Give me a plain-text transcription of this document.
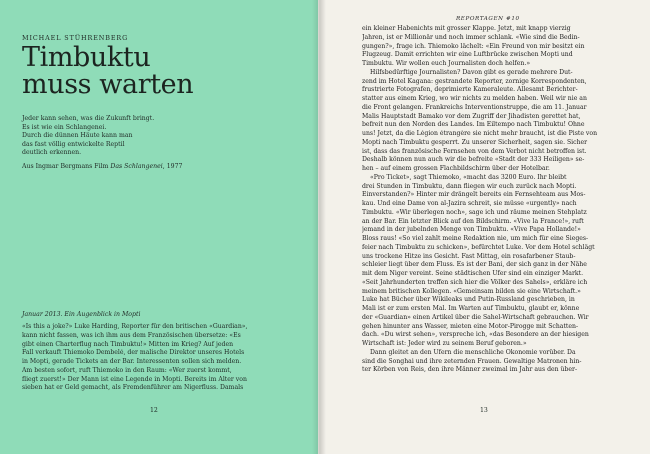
MICHAEL STÜHRENBERG
Timbuktu
muss warten
Jeder kann sehen, was die Zukunft bringt.
Es ist wie ein Schlangenei.
Durch die dünnen Häute kann man
das fast völlig entwickelte Reptil
deutlich erkennen.
Aus Ingmar Bergmans Film Das Schlangenei, 1977
Januar 2013. Ein Augenblick in Mopti
«Is this a joke?» Luke Harding, Reporter für den britischen «Guardian»,
kann nicht fassen, was ich ihm aus dem Französischen übersetze: «Es
gibt einen Charterflug nach Timbuktu!» Mitten im Krieg? Auf jeden
Fall verkauft Thiemoko Dembelé, der malische Direktor unseres Hotels
in Mopti, gerade Tickets an der Bar. Interessenten sollen sich melden.
Am besten sofort, ruft Thiemoko in den Raum: «Wer zuerst kommt,
fliegt zuerst!» Der Mann ist eine Legende in Mopti. Bereits im Alter von
sieben hat er Geld gemacht, als Fremdenführer am Nigerfluss. Damals
12
REPORTAGEN #10
ein kleiner Habenichts mit grosser Klappe. Jetzt, mit knapp vierzig
Jahren, ist er Millionär und noch immer schlank. «Wie sind die Bedin-
gungen?», frage ich. Thiemoko lächelt: «Ein Freund von mir besitzt ein
Flugzeug. Damit errichten wir eine Luftbrücke zwischen Mopti und
Timbuktu. Wir wollen euch Journalisten doch helfen.»
Hilfsbedürftige Journalisten? Davon gibt es gerade mehrere Dut-
zend im Hotel Kagana: gestrandete Reporter, zornige Korrespondenten,
frustrierte Fotografen, deprimierte Kameraleute. Allesamt Berichter-
statter aus einem Krieg, wo wir nichts zu melden haben. Weil wir nie an
die Front gelangen. Frankreichs Interventionstruppe, die am 11. Januar
Malis Hauptstadt Bamako vor dem Zugriff der Jihadisten gerettet hat,
befreit nun den Norden des Landes. Im Eiltempo nach Timbuktu! Ohne
uns! Jetzt, da die Légion étrangère sie nicht mehr braucht, ist die Piste von
Mopti nach Timbuktu gesperrt. Zu unserer Sicherheit, sagen sie. Sicher
ist, dass das französische Fernsehen von dem Verbot nicht betroffen ist.
Deshalb können nun auch wir die befreite «Stadt der 333 Heiligen» se-
hen – auf einem grossen Flachbildschirm über der Hotelbar.
«Pro Ticket», sagt Thiemoko, «macht das 3200 Euro. Ihr bleibt
drei Stunden in Timbuktu, dann fliegen wir euch zurück nach Mopti.
Einverstanden?» Hinter mir drängelt bereits ein Fernsehteam aus Mos-
kau. Und eine Dame von al-Jazira schreit, sie müsse «urgently» nach
Timbuktu. «Wir überlegen noch», sage ich und räume meinen Stehplatz
an der Bar. Ein letzter Blick auf den Bildschirm. «Vive la France!», ruft
jemand in der jubelnden Menge von Timbuktu. «Vive Papa Hollande!»
Bloss raus! «So viel zahlt meine Redaktion nie, um mich für eine Sieges-
feier nach Timbuktu zu schicken», befürchtet Luke. Vor dem Hotel schlägt
uns trockene Hitze ins Gesicht. Fast Mittag, ein rosafarbener Staub-
schleier liegt über dem Fluss. Es ist der Bani, der sich ganz in der Nähe
mit dem Niger vereint. Seine städtischen Ufer sind ein einziger Markt.
«Seit Jahrhunderten treffen sich hier die Völker des Sahels», erkläre ich
meinem britischen Kollegen. «Gemeinsam bilden sie eine Wirtschaft.»
Luke hat Bücher über Wikileaks und Putin-Russland geschrieben, in
Mali ist er zum ersten Mal. Im Warten auf Timbuktu, glaubt er, könne
der «Guardian» einen Artikel über die Sahel-Wirtschaft gebrauchen. Wir
gehen hinunter ans Wasser, mieten eine Motor-Pirogge mit Schatten-
dach. «Du wirst sehen», verspreche ich, «das Besondere an der hiesigen
Wirtschaft ist: Jeder wird zu seinem Beruf geboren.»
Dann gleitet an den Ufern die menschliche Ökonomie vorüber. Da
sind die Songhai und ihre zeternden Frauen. Gewaltige Matronen hin-
ter Körben von Reis, den ihre Männer zweimal im Jahr aus den über-
13
